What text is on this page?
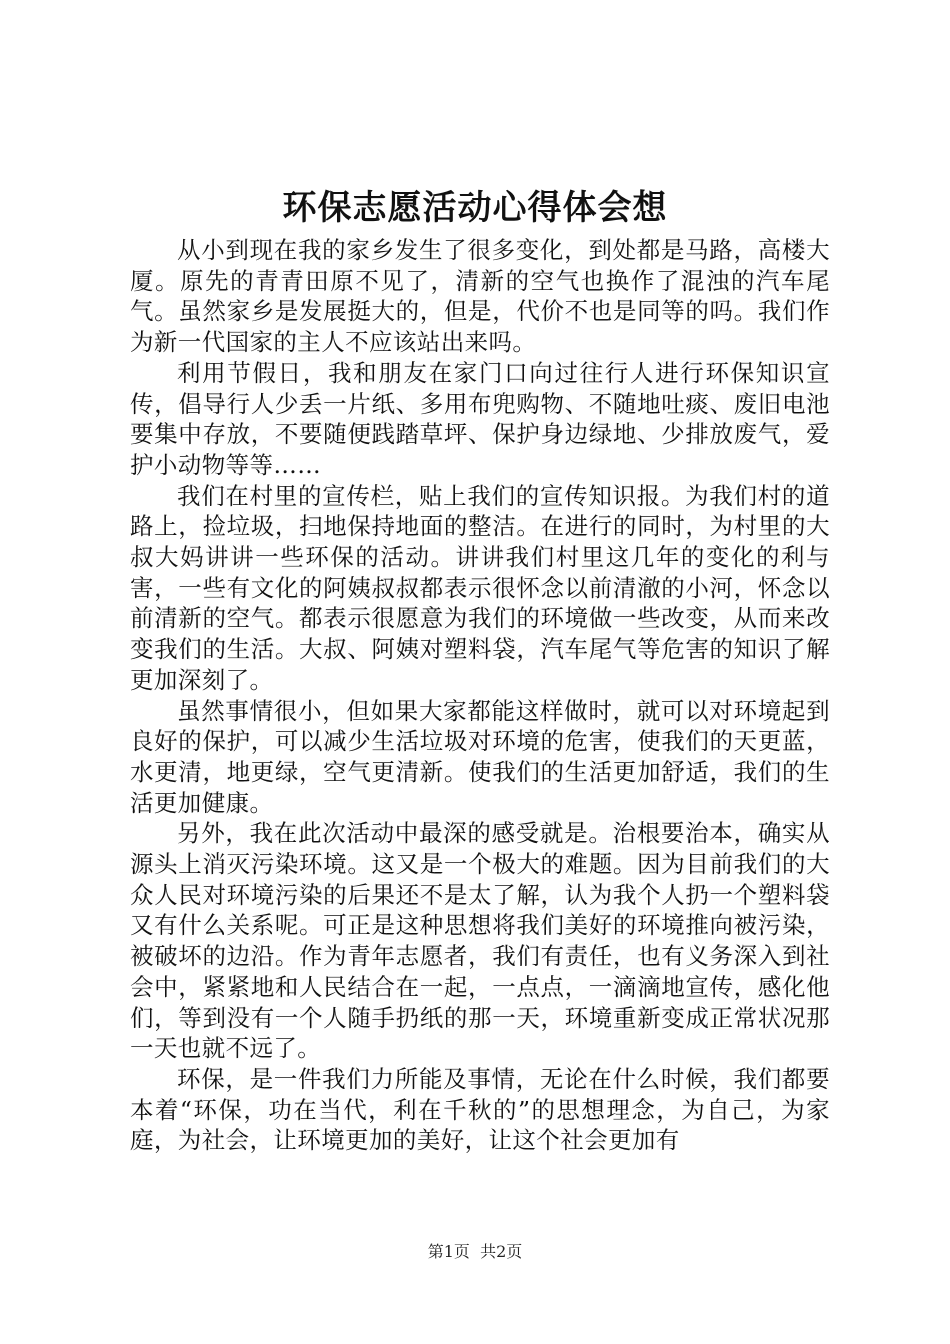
环保志愿活动心得体会想

从小到现在我的家乡发生了很多变化，到处都是马路，高楼大厦。原先的青青田原不见了，清新的空气也换作了混浊的汽车尾气。虽然家乡是发展挺大的，但是，代价不也是同等的吗。我们作为新一代国家的主人不应该站出来吗。

利用节假日，我和朋友在家门口向过往行人进行环保知识宣传，倡导行人少丢一片纸、多用布兜购物、不随地吐痰、废旧电池要集中存放，不要随便践踏草坪、保护身边绿地、少排放废气，爱护小动物等等……

我们在村里的宣传栏，贴上我们的宣传知识报。为我们村的道路上，捡垃圾，扫地保持地面的整洁。在进行的同时，为村里的大叔大妈讲讲一些环保的活动。讲讲我们村里这几年的变化的利与害，一些有文化的阿姨叔叔都表示很怀念以前清澈的小河，怀念以前清新的空气。都表示很愿意为我们的环境做一些改变，从而来改变我们的生活。大叔、阿姨对塑料袋，汽车尾气等危害的知识了解更加深刻了。

虽然事情很小，但如果大家都能这样做时，就可以对环境起到良好的保护，可以减少生活垃圾对环境的危害，使我们的天更蓝，水更清，地更绿，空气更清新。使我们的生活更加舒适，我们的生活更加健康。

另外，我在此次活动中最深的感受就是。治根要治本，确实从源头上消灭污染环境。这又是一个极大的难题。因为目前我们的大众人民对环境污染的后果还不是太了解，认为我个人扔一个塑料袋又有什么关系呢。可正是这种思想将我们美好的环境推向被污染，被破坏的边沿。作为青年志愿者，我们有责任，也有义务深入到社会中，紧紧地和人民结合在一起，一点点，一滴滴地宣传，感化他们，等到没有一个人随手扔纸的那一天，环境重新变成正常状况那一天也就不远了。

环保，是一件我们力所能及事情，无论在什么时候，我们都要本着“环保，功在当代，利在千秋的”的思想理念，为自己，为家庭，为社会，让环境更加的美好，让这个社会更加有

第1页 共2页
